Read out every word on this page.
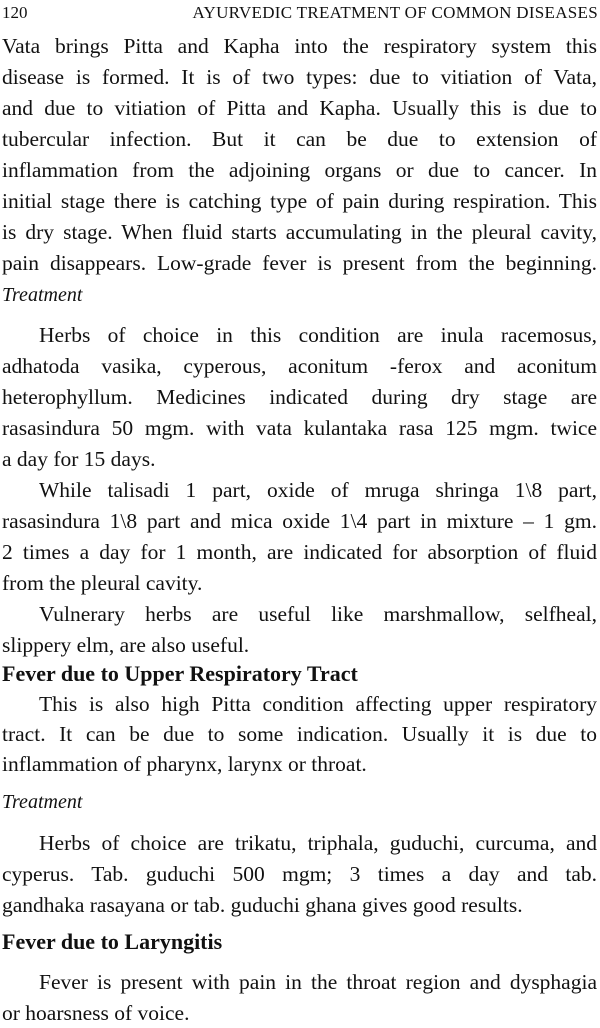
120	AYURVEDIC TREATMENT OF COMMON DISEASES
Vata brings Pitta and Kapha into the respiratory system this
disease is formed. It is of two types: due to vitiation of Vata,
and due to vitiation of Pitta and Kapha. Usually this is due to
tubercular infection. But it can be due to extension of
inflammation from the adjoining organs or due to cancer. In
initial stage there is catching type of pain during respiration. This
is dry stage. When fluid starts accumulating in the pleural cavity,
pain disappears. Low-grade fever is present from the beginning.
Treatment
Herbs of choice in this condition are inula racemosus,
adhatoda vasika, cyperous, aconitum -ferox and aconitum
heterophyllum. Medicines indicated during dry stage are
rasasindura 50 mgm. with vata kulantaka rasa 125 mgm. twice
a day for 15 days.
While talisadi 1 part, oxide of mruga shringa 1\8 part,
rasasindura 1\8 part and mica oxide 1\4 part in mixture – 1 gm.
2 times a day for 1 month, are indicated for absorption of fluid
from the pleural cavity.
Vulnerary herbs are useful like marshmallow, selfheal,
slippery elm, are also useful.
Fever due to Upper Respiratory Tract
This is also high Pitta condition affecting upper respiratory
tract. It can be due to some indication. Usually it is due to
inflammation of pharynx, larynx or throat.
Treatment
Herbs of choice are trikatu, triphala, guduchi, curcuma, and
cyperus. Tab. guduchi 500 mgm; 3 times a day and tab.
gandhaka rasayana or tab. guduchi ghana gives good results.
Fever due to Laryngitis
Fever is present with pain in the throat region and dysphagia
or hoarsness of voice.
